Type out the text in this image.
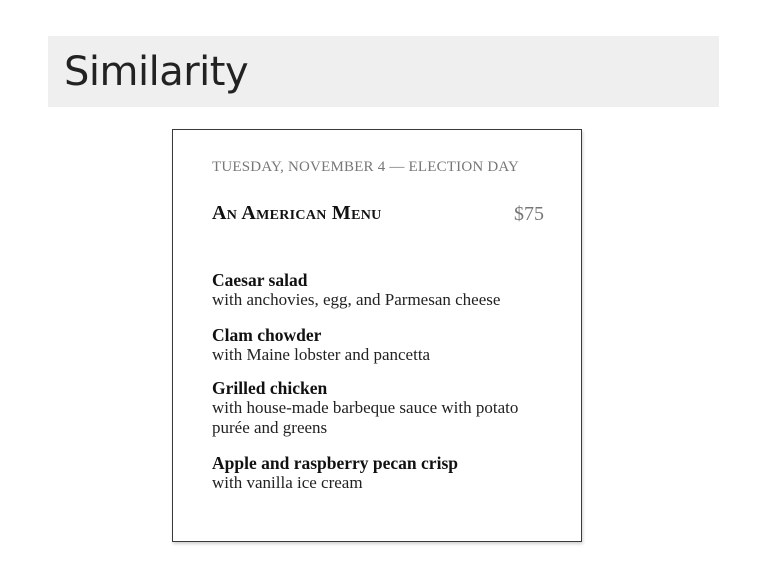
Similarity
TUESDAY, NOVEMBER 4 — ELECTION DAY
An American Menu	$75
Caesar salad
with anchovies, egg, and Parmesan cheese
Clam chowder
with Maine lobster and pancetta
Grilled chicken
with house-made barbeque sauce with potato purée and greens
Apple and raspberry pecan crisp
with vanilla ice cream
